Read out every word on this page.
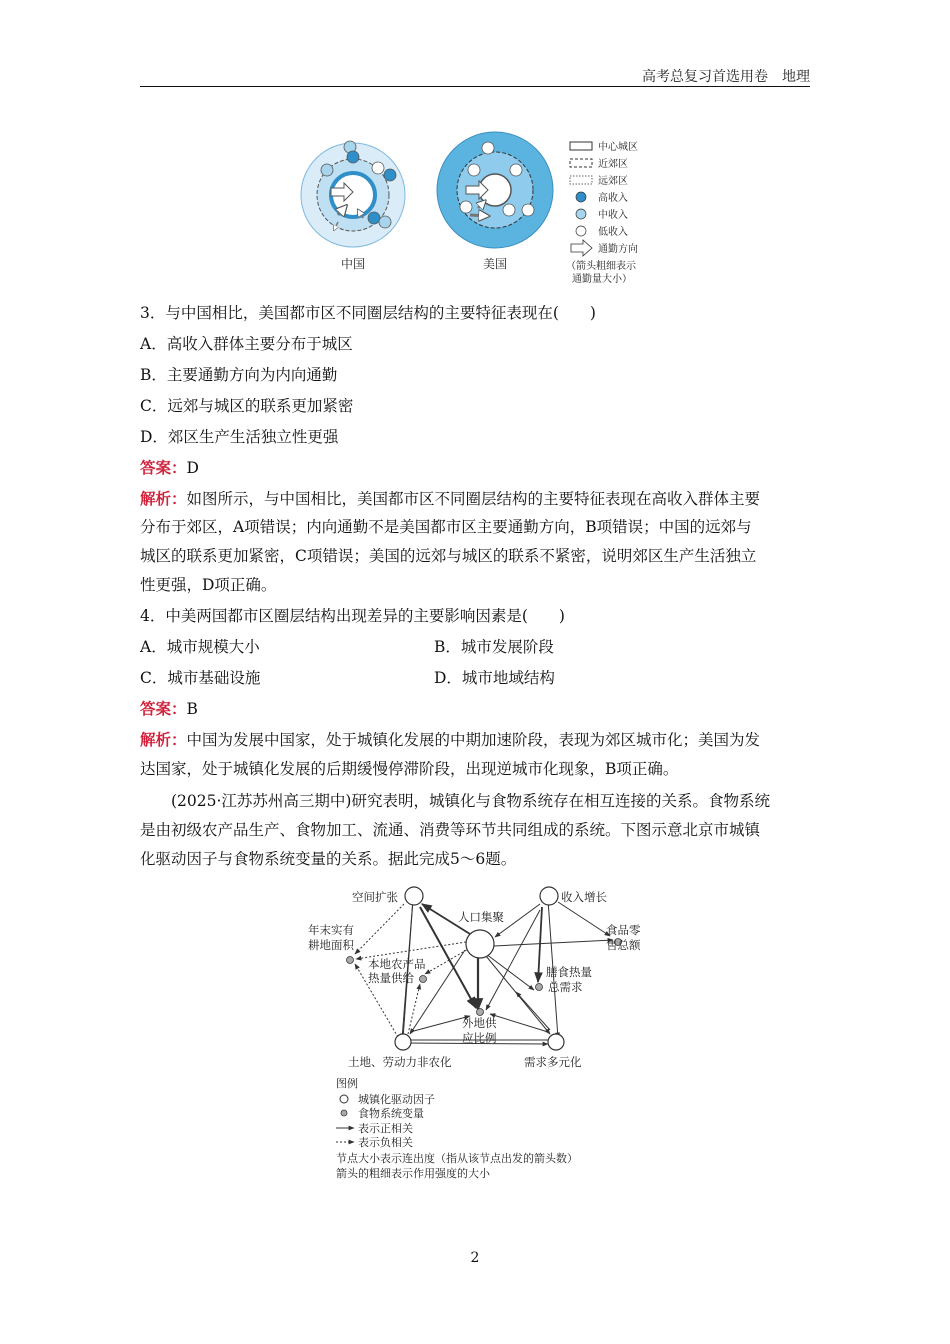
高考总复习首选用卷　地理
中国	美国
中心城区
近郊区
远郊区
高收入
中收入
低收入
通勤方向
（箭头粗细表示
通勤量大小）
3．与中国相比，美国都市区不同圈层结构的主要特征表现在(　　)
A．高收入群体主要分布于城区
B．主要通勤方向为内向通勤
C．远郊与城区的联系更加紧密
D．郊区生产生活独立性更强
答案：D
解析：如图所示，与中国相比，美国都市区不同圈层结构的主要特征表现在高收入群体主要
分布于郊区，A项错误；内向通勤不是美国都市区主要通勤方向，B项错误；中国的远郊与
城区的联系更加紧密，C项错误；美国的远郊与城区的联系不紧密，说明郊区生产生活独立
性更强，D项正确。
4．中美两国都市区圈层结构出现差异的主要影响因素是(　　)
A．城市规模大小	B．城市发展阶段
C．城市基础设施	D．城市地域结构
答案：B
解析：中国为发展中国家，处于城镇化发展的中期加速阶段，表现为郊区城市化；美国为发
达国家，处于城镇化发展的后期缓慢停滞阶段，出现逆城市化现象，B项正确。
　　(2025·江苏苏州高三期中)研究表明，城镇化与食物系统存在相互连接的关系。食物系统
是由初级农产品生产、食物加工、流通、消费等环节共同组成的系统。下图示意北京市城镇
化驱动因子与食物系统变量的关系。据此完成5～6题。
空间扩张	收入增长
人口集聚
年末实有
耕地面积
食品零
售总额
本地农产品
热量供给	膳食热量
总需求
外地供
应比例
土地、劳动力非农化	需求多元化
图例
城镇化驱动因子
食物系统变量
表示正相关
表示负相关
节点大小表示连出度（指从该节点出发的箭头数）
箭头的粗细表示作用强度的大小
2
